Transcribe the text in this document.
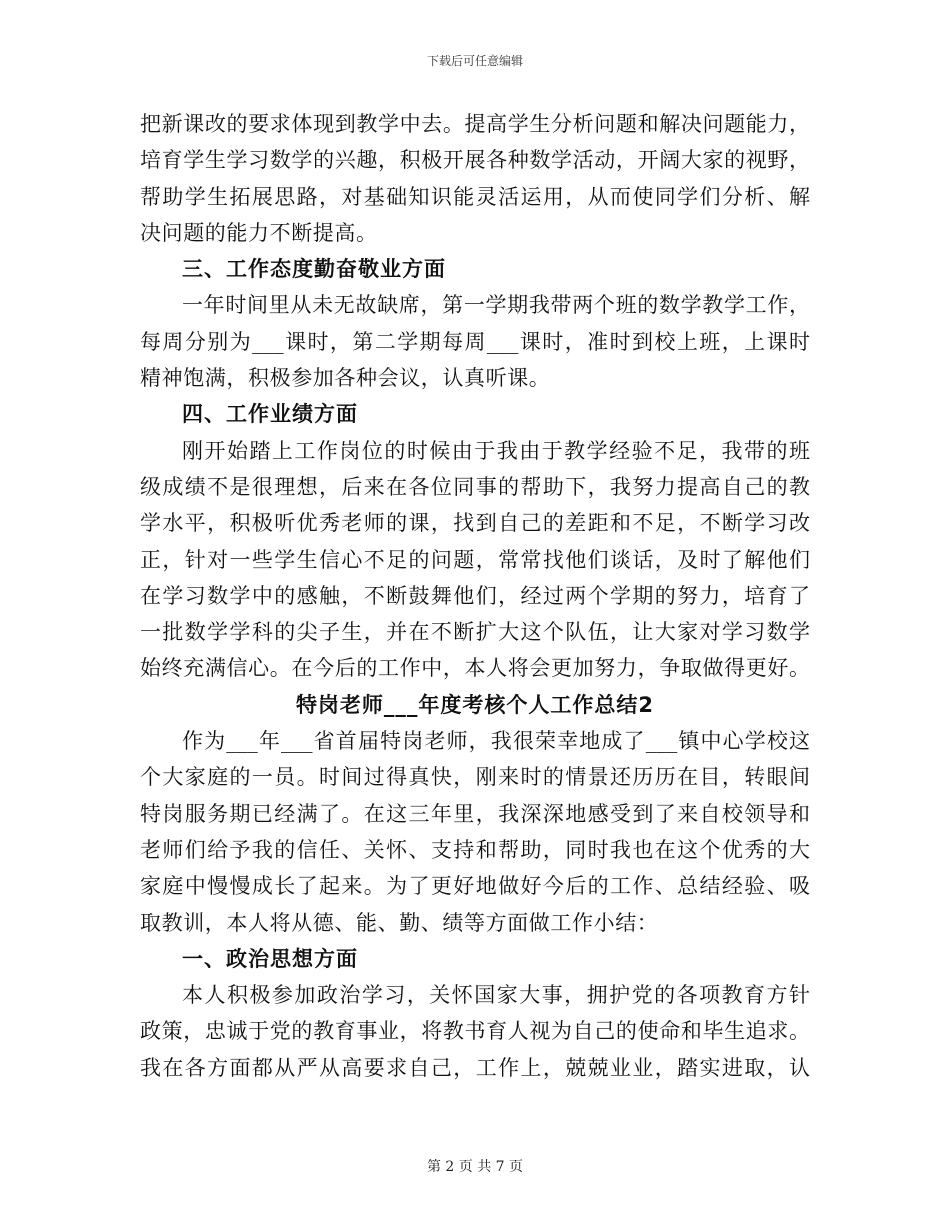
下载后可任意编辑
把新课改的要求体现到教学中去。提高学生分析问题和解决问题能力，
培育学生学习数学的兴趣，积极开展各种数学活动，开阔大家的视野，
帮助学生拓展思路，对基础知识能灵活运用，从而使同学们分析、解
决问题的能力不断提高。
三、工作态度勤奋敬业方面
一年时间里从未无故缺席，第一学期我带两个班的数学教学工作，
每周分别为___课时，第二学期每周___课时，准时到校上班，上课时
精神饱满，积极参加各种会议，认真听课。
四、工作业绩方面
刚开始踏上工作岗位的时候由于我由于教学经验不足，我带的班
级成绩不是很理想，后来在各位同事的帮助下，我努力提高自己的教
学水平，积极听优秀老师的课，找到自己的差距和不足，不断学习改
正，针对一些学生信心不足的问题，常常找他们谈话，及时了解他们
在学习数学中的感触，不断鼓舞他们，经过两个学期的努力，培育了
一批数学学科的尖子生，并在不断扩大这个队伍，让大家对学习数学
始终充满信心。在今后的工作中，本人将会更加努力，争取做得更好。
特岗老师___年度考核个人工作总结2
作为___年___省首届特岗老师，我很荣幸地成了___镇中心学校这
个大家庭的一员。时间过得真快，刚来时的情景还历历在目，转眼间
特岗服务期已经满了。在这三年里，我深深地感受到了来自校领导和
老师们给予我的信任、关怀、支持和帮助，同时我也在这个优秀的大
家庭中慢慢成长了起来。为了更好地做好今后的工作、总结经验、吸
取教训，本人将从德、能、勤、绩等方面做工作小结：
一、政治思想方面
本人积极参加政治学习，关怀国家大事，拥护党的各项教育方针
政策，忠诚于党的教育事业，将教书育人视为自己的使命和毕生追求。
我在各方面都从严从高要求自己，工作上，兢兢业业，踏实进取，认
第 2 页 共 7 页
